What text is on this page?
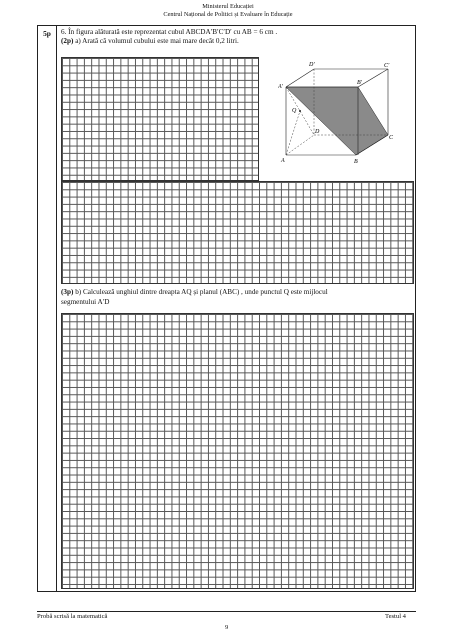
Ministerul Educației
Centrul Național de Politici și Evaluare în Educație
5p	6. În figura alăturată este reprezentat cubul ABCDA′B′C′D′ cu AB = 6 cm .
(2p) a) Arată că volumul cubului este mai mare decât 0,2 litri.
D′	C′
A′
B′
Q
D
C
A	B
(3p) b) Calculează unghiul dintre dreapta AQ și planul (ABC) , unde punctul Q este mijlocul
segmentului A′D
Probă scrisă la matematică	Testul 4
9
